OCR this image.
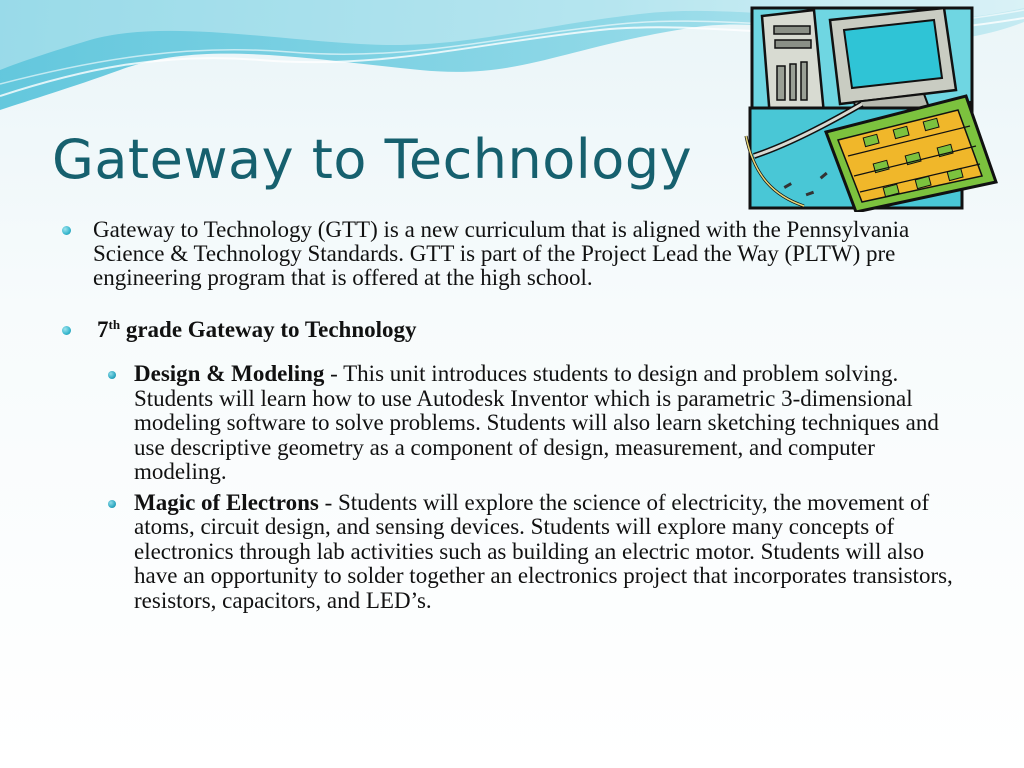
Gateway to Technology

Gateway to Technology (GTT) is a new curriculum that is aligned with the Pennsylvania Science & Technology Standards. GTT is part of the Project Lead the Way (PLTW) pre engineering program that is offered at the high school.

7th grade Gateway to Technology

Design & Modeling - This unit introduces students to design and problem solving. Students will learn how to use Autodesk Inventor which is parametric 3-dimensional modeling software to solve problems. Students will also learn sketching techniques and use descriptive geometry as a component of design, measurement, and computer modeling.

Magic of Electrons - Students will explore the science of electricity, the movement of atoms, circuit design, and sensing devices. Students will explore many concepts of electronics through lab activities such as building an electric motor. Students will also have an opportunity to solder together an electronics project that incorporates transistors, resistors, capacitors, and LED’s.
